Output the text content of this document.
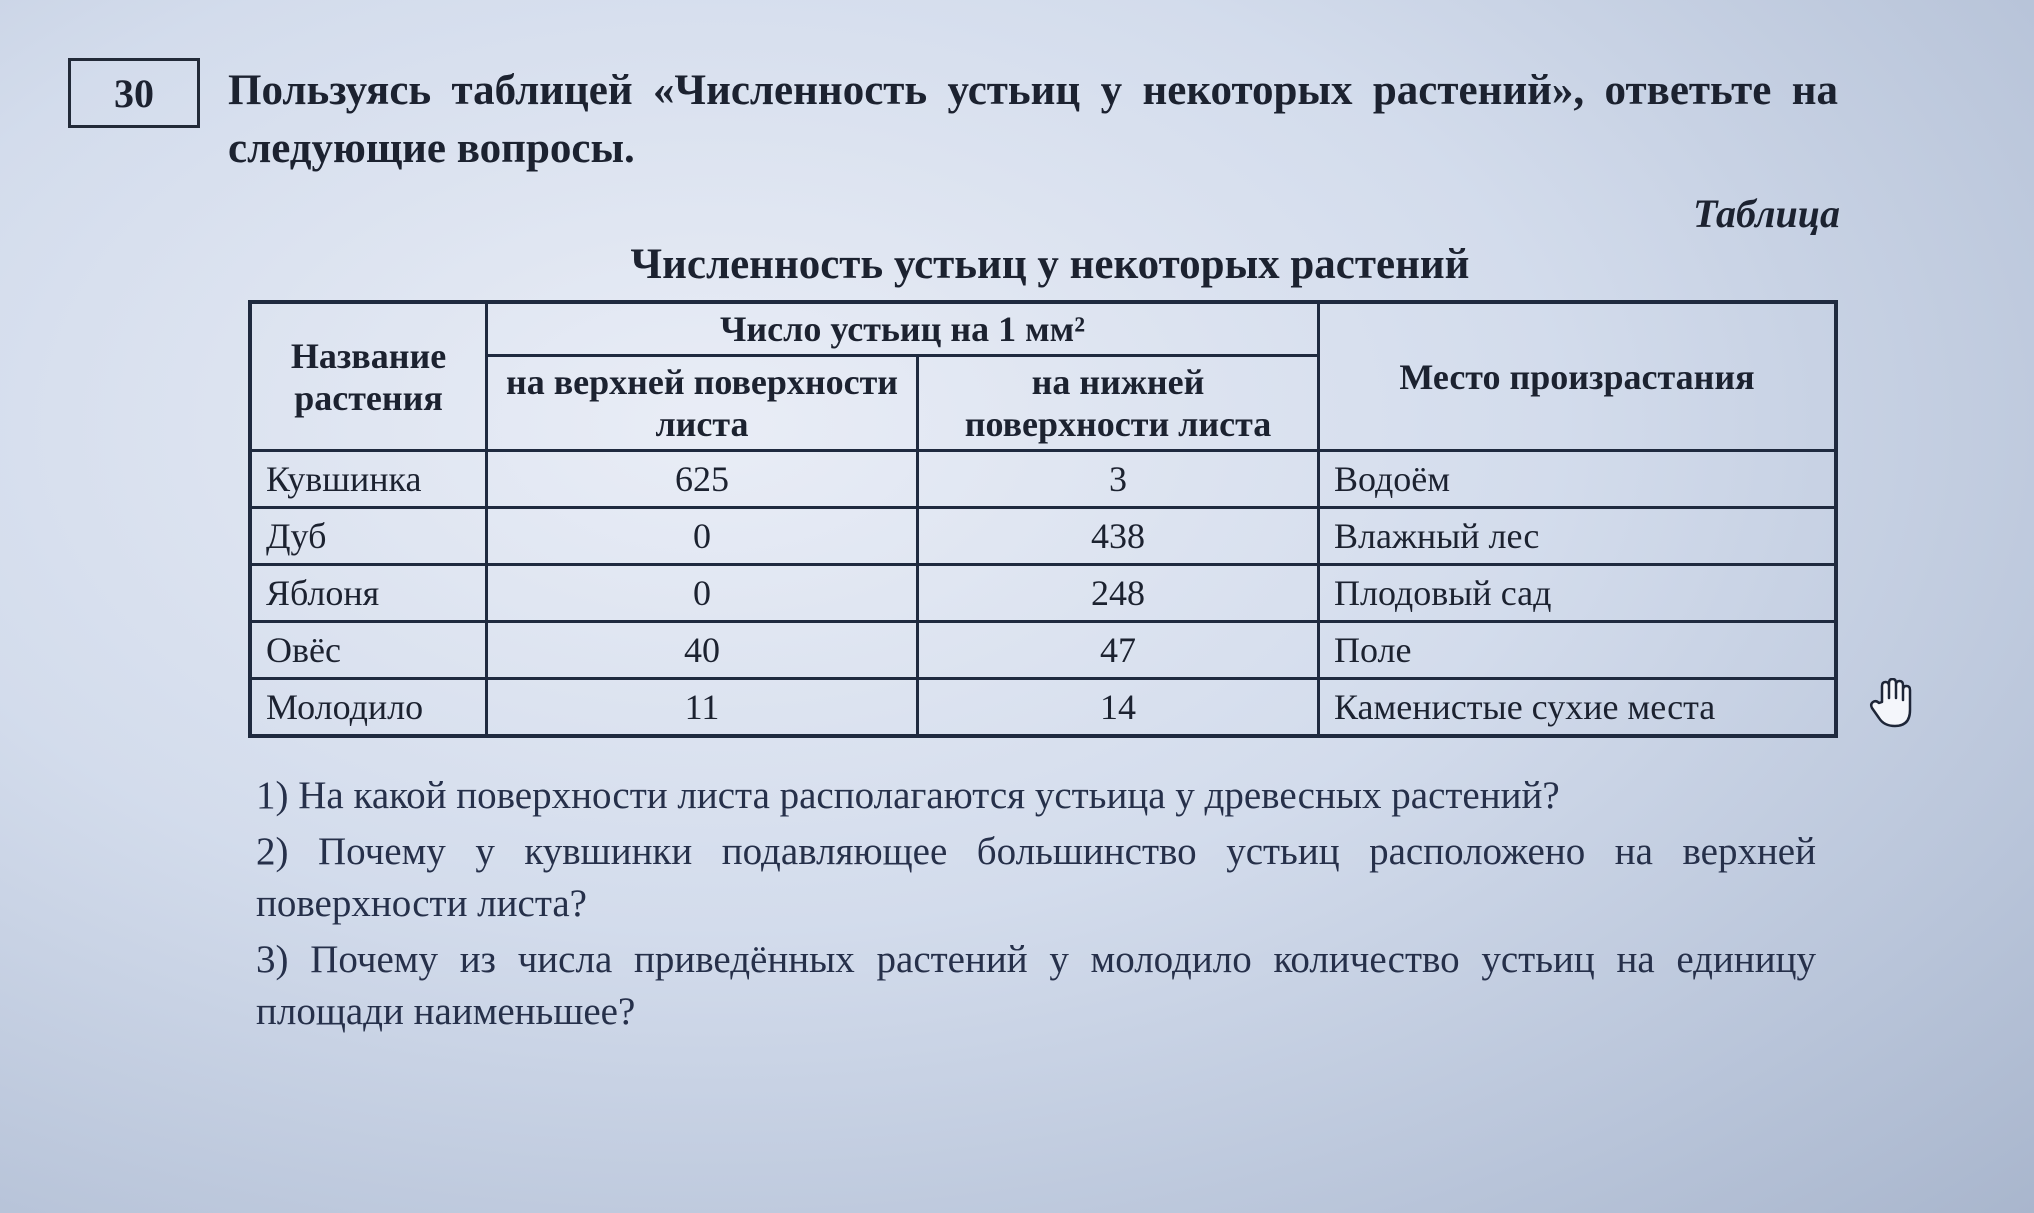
30	Пользуясь таблицей «Численность устьиц у некоторых растений», ответьте на следующие вопросы.

Таблица
Численность устьиц у некоторых растений
Название растения	Число устьиц на 1 мм²		Место произрастания
	на верхней поверхности листа	на нижней поверхности листа	
Кувшинка	625	3	Водоём
Дуб	0	438	Влажный лес
Яблоня	0	248	Плодовый сад
Овёс	40	47	Поле
Молодило	11	14	Каменистые сухие места

1) На какой поверхности листа располагаются устьица у древесных растений?

2) Почему у кувшинки подавляющее большинство устьиц расположено на верхней поверхности листа?

3) Почему из числа приведённых растений у молодило количество устьиц на единицу площади наименьшее?
